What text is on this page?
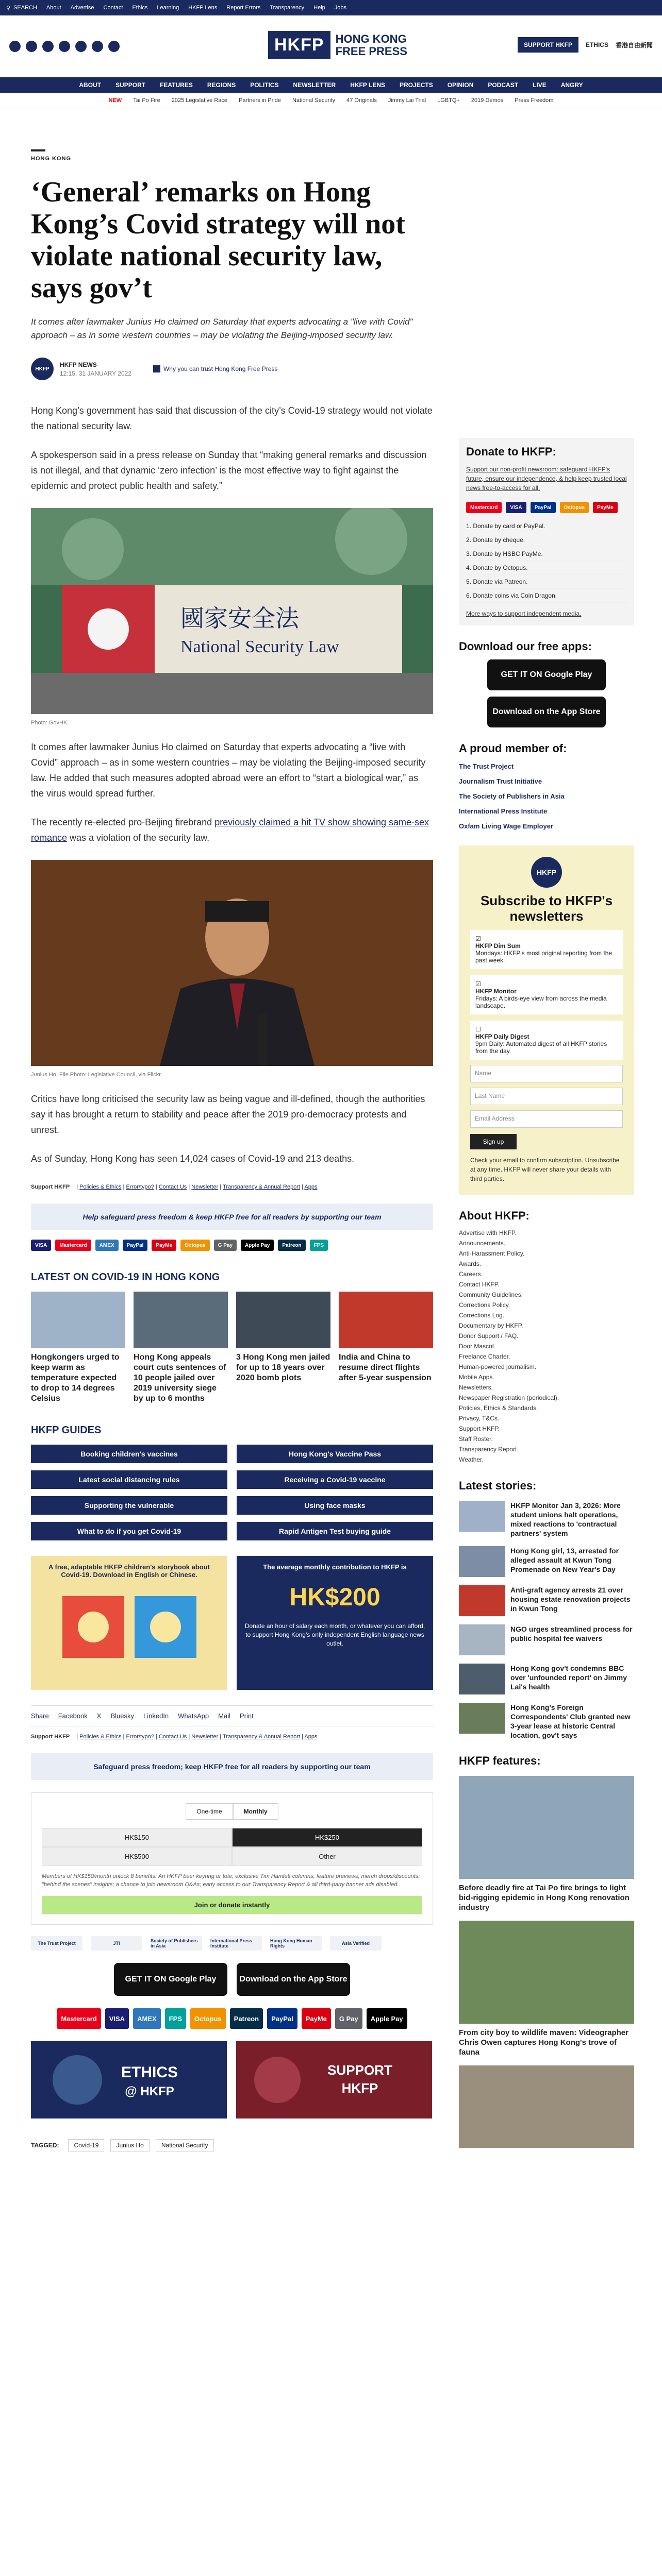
⚲ SEARCH About Advertise Contact Ethics Learning HKFP Lens Report Errors Transparency Help Jobs
HKFP	HONG KONG
FREE PRESS	SUPPORT HKFP	ETHICS 香港自由新聞
ABOUT SUPPORT FEATURES REGIONS POLITICS NEWSLETTER HKFP LENS PROJECTS OPINION PODCAST LIVE ANGRY
NEW Tai Po Fire 2025 Legislative Race Partners in Pride National Security 47 Originals Jimmy Lai Trial LGBTQ+ 2019 Demos Press Freedom
HONG KONG
‘General’ remarks on Hong Kong’s Covid strategy will not violate national security law, says gov’t

It comes after lawmaker Junius Ho claimed on Saturday that experts advocating a "live with Covid" approach – as in some western countries – may be violating the Beijing-imposed security law.

HKFP
HKFP NEWS
12:15, 31 JANUARY 2022
Why you can trust Hong Kong Free Press

Hong Kong’s government has said that discussion of the city’s Covid-19 strategy would not violate the national security law.

A spokesperson said in a press release on Sunday that “making general remarks and discussion is not illegal, and that dynamic ‘zero infection’ is the most effective way to fight against the epidemic and protect public health and safety.”

國家安全法
National Security Law
Photo: GovHK.

It comes after lawmaker Junius Ho claimed on Saturday that experts advocating a “live with Covid” approach – as in some western countries – may be violating the Beijing-imposed security law. He added that such measures adopted abroad were an effort to “start a biological war,” as the virus would spread further.

The recently re-elected pro-Beijing firebrand previously claimed a hit TV show showing same-sex romance was a violation of the security law.

Junius Ho. File Photo: Legislative Council, via Flickr.

Critics have long criticised the security law as being vague and ill-defined, though the authorities say it has brought a return to stability and peace after the 2019 pro-democracy protests and unrest.

As of Sunday, Hong Kong has seen 14,024 cases of Covid-19 and 213 deaths.

Support HKFP | Policies & Ethics | Error/typo? | Contact Us | Newsletter | Transparency & Annual Report | Apps
Help safeguard press freedom & keep HKFP free for all readers by supporting our team
VISA	Mastercard	AMEX	PayPal	PayMe	Octopus	G Pay	Apple Pay	Patreon	FPS
LATEST ON COVID-19 IN HONG KONG
Hongkongers urged to keep warm as temperature expected to drop to 14 degrees Celsius
Hong Kong appeals court cuts sentences of 10 people jailed over 2019 university siege by up to 6 months
3 Hong Kong men jailed for up to 18 years over 2020 bomb plots
India and China to resume direct flights after 5-year suspension
HKFP GUIDES
Booking children's vaccines	Hong Kong's Vaccine Pass
Latest social distancing rules	Receiving a Covid-19 vaccine
Supporting the vulnerable	Using face masks
What to do if you get Covid-19	Rapid Antigen Test buying guide
A free, adaptable HKFP children's storybook about Covid-19. Download in English or Chinese.
The average monthly contribution to HKFP is
HK$200
Donate an hour of salary each month, or whatever you can afford, to support Hong Kong's only independent English language news outlet.
Share Facebook X Bluesky LinkedIn WhatsApp Mail Print
Support HKFP | Policies & Ethics | Error/typo? | Contact Us | Newsletter | Transparency & Annual Report | Apps
Safeguard press freedom; keep HKFP free for all readers by supporting our team
One-time	Monthly
HK$150	HK$250
HK$500	Other
Members of HK$150/month unlock 8 benefits: An HKFP beer keyring or tote; exclusive Tim Hamlett columns; feature previews; merch drops/discounts; "behind the scenes" insights; a chance to join newsroom Q&As; early access to our Transparency Report & all third-party banner ads disabled.
Join or donate instantly
The Trust Project	JTI	Society of Publishers in Asia
International Press Institute
Hong Kong Human Rights	Asia Verified
GET IT ON Google Play	Download on the App Store
Mastercard	VISA	AMEX	FPS	Octopus	Patreon	PayPal	PayMe	G Pay	Apple Pay
ETHICS
@ HKFP
SUPPORT
HKFP
TAGGED:	Covid-19	Junius Ho	National Security
Donate to HKFP:
Support our non-profit newsroom: safeguard HKFP's future, ensure our independence, & help keep trusted local news free-to-access for all.
Mastercard	VISA	PayPal	Octopus	PayMe
1. Donate by card or PayPal.
2. Donate by cheque.
3. Donate by HSBC PayMe.
4. Donate by Octopus.
5. Donate via Patreon.
6. Donate coins via Coin Dragon.
More ways to support independent media.
Download our free apps:
GET IT ON Google Play
Download on the App Store
A proud member of:
The Trust Project
Journalism Trust Initiative
The Society of Publishers in Asia
International Press Institute
Oxfam Living Wage Employer
HKFP
Subscribe to HKFP's newsletters
☑
HKFP Dim Sum
Mondays: HKFP's most original reporting from the past week.
☑
HKFP Monitor
Fridays: A birds-eye view from across the media landscape.
☐
HKFP Daily Digest
9pm Daily: Automated digest of all HKFP stories from the day.
Name
Last Name
Email Address
Sign up
Check your email to confirm subscription. Unsubscribe at any time. HKFP will never share your details with third parties.
About HKFP:
Advertise with HKFP.
Announcements.
Anti-Harassment Policy.
Awards.
Careers.
Contact HKFP.
Community Guidelines.
Corrections Policy.
Corrections Log.
Documentary by HKFP.
Donor Support / FAQ.
Door Mascot.
Freelance Charter.
Human-powered journalism.
Mobile Apps.
Newsletters.
Newspaper Registration (periodical).
Policies, Ethics & Standards.
Privacy, T&Cs.
Support HKFP.
Staff Roster.
Transparency Report.
Weather.
Latest stories:
HKFP Monitor Jan 3, 2026: More student unions halt operations, mixed reactions to 'contractual partners' system
Hong Kong girl, 13, arrested for alleged assault at Kwun Tong Promenade on New Year's Day
Anti-graft agency arrests 21 over housing estate renovation projects in Kwun Tong
NGO urges streamlined process for public hospital fee waivers
Hong Kong gov't condemns BBC over 'unfounded report' on Jimmy Lai's health
Hong Kong's Foreign Correspondents' Club granted new 3-year lease at historic Central location, gov't says
HKFP features:
Before deadly fire at Tai Po fire brings to light bid-rigging epidemic in Hong Kong renovation industry
From city boy to wildlife maven: Videographer Chris Owen captures Hong Kong's trove of fauna
